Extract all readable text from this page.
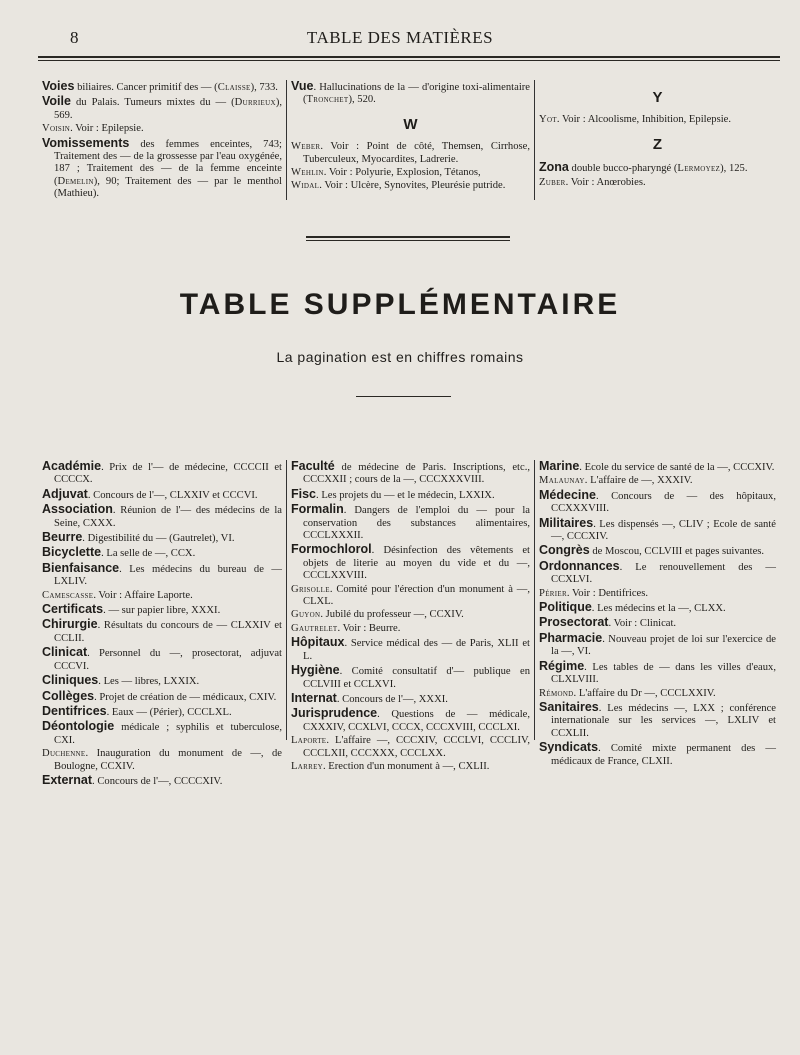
8	TABLE DES MATIÈRES
Voies biliaires. Cancer primitif des — (Claisse), 733.
Voile du Palais. Tumeurs mixtes du — (Durrieux), 569.
Voisin. Voir : Epilepsie.
Vomissements des femmes enceintes, 743; Traitement des — de la grossesse par l'eau oxygénée, 187 ; Traitement des — de la femme enceinte (Demelin), 90; Traitement des — par le menthol (Mathieu).
Vue. Hallucinations de la — d'origine toxi-alimentaire (Tronchet), 520.
W
Weber. Voir : Point de côté, Themsen, Cirrhose, Tuberculeux, Myocardites, Ladrerie.
Wehlin. Voir : Polyurie, Explosion, Tétanos,
Widal. Voir : Ulcère, Synovites, Pleurésie putride.
Y
Yot. Voir : Alcoolisme, Inhibition, Epilepsie.
Z
Zona double bucco-pharyngé (Lermoyez), 125.
Zuber. Voir : Anœrobies.
TABLE SUPPLÉMENTAIRE
La pagination est en chiffres romains
Académie. Prix de l'— de médecine, CCCCII et CCCCX.
Adjuvat. Concours de l'—, CLXXIV et CCCVI.
Association. Réunion de l'— des médecins de la Seine, CXXX.
Beurre. Digestibilité du — (Gautrelet), VI.
Bicyclette. La selle de —, CCX.
Bienfaisance. Les médecins du bureau de — LXLIV.
Camescasse. Voir : Affaire Laporte.
Certificats. — sur papier libre, XXXI.
Chirurgie. Résultats du concours de — CLXXIV et CCLII.
Clinicat. Personnel du —, prosectorat, adjuvat CCCVI.
Cliniques. Les — libres, LXXIX.
Collèges. Projet de création de — médicaux, CXIV.
Dentifrices. Eaux — (Périer), CCCLXL.
Déontologie médicale ; syphilis et tuberculose, CXI.
Duchenne. Inauguration du monument de —, de Boulogne, CCXIV.
Externat. Concours de l'—, CCCCXIV.
Faculté de médecine de Paris. Inscriptions, etc., CCCXXII ; cours de la —, CCCXXXVIII.
Fisc. Les projets du — et le médecin, LXXIX.
Formalin. Dangers de l'emploi du — pour la conservation des substances alimentaires, CCCLXXXII.
Formochlorol. Désinfection des vêtements et objets de literie au moyen du vide et du —, CCCLXXVIII.
Grisolle. Comité pour l'érection d'un monument à —, CLXL.
Guyon. Jubilé du professeur —, CCXIV.
Gautrelet. Voir : Beurre.
Hôpitaux. Service médical des — de Paris, XLII et L.
Hygiène. Comité consultatif d'— publique en CCLVIII et CCLXVI.
Internat. Concours de l'—, XXXI.
Jurisprudence. Questions de — médicale, CXXXIV, CCXLVI, CCCX, CCCXVIII, CCCLXI.
Laporte. L'affaire —, CCCXIV, CCCLVI, CCCLIV, CCCLXII, CCCXXX, CCCLXX.
Larrey. Erection d'un monument à —, CXLII.
Marine. Ecole du service de santé de la —, CCCXIV.
Malaunay. L'affaire de —, XXXIV.
Médecine. Concours de — des hôpitaux, CCXXXVIII.
Militaires. Les dispensés —, CLIV ; Ecole de santé —, CCCXIV.
Congrès de Moscou, CCLVIII et pages suivantes.
Ordonnances. Le renouvellement des — CCXLVI.
Périer. Voir : Dentifrices.
Politique. Les médecins et la —, CLXX.
Prosectorat. Voir : Clinicat.
Pharmacie. Nouveau projet de loi sur l'exercice de la —, VI.
Régime. Les tables de — dans les villes d'eaux, CLXLVIII.
Rémond. L'affaire du Dr —, CCCLXXIV.
Sanitaires. Les médecins —, LXX ; conférence internationale sur les services —, LXLIV et CCXLII.
Syndicats. Comité mixte permanent des — médicaux de France, CLXII.
